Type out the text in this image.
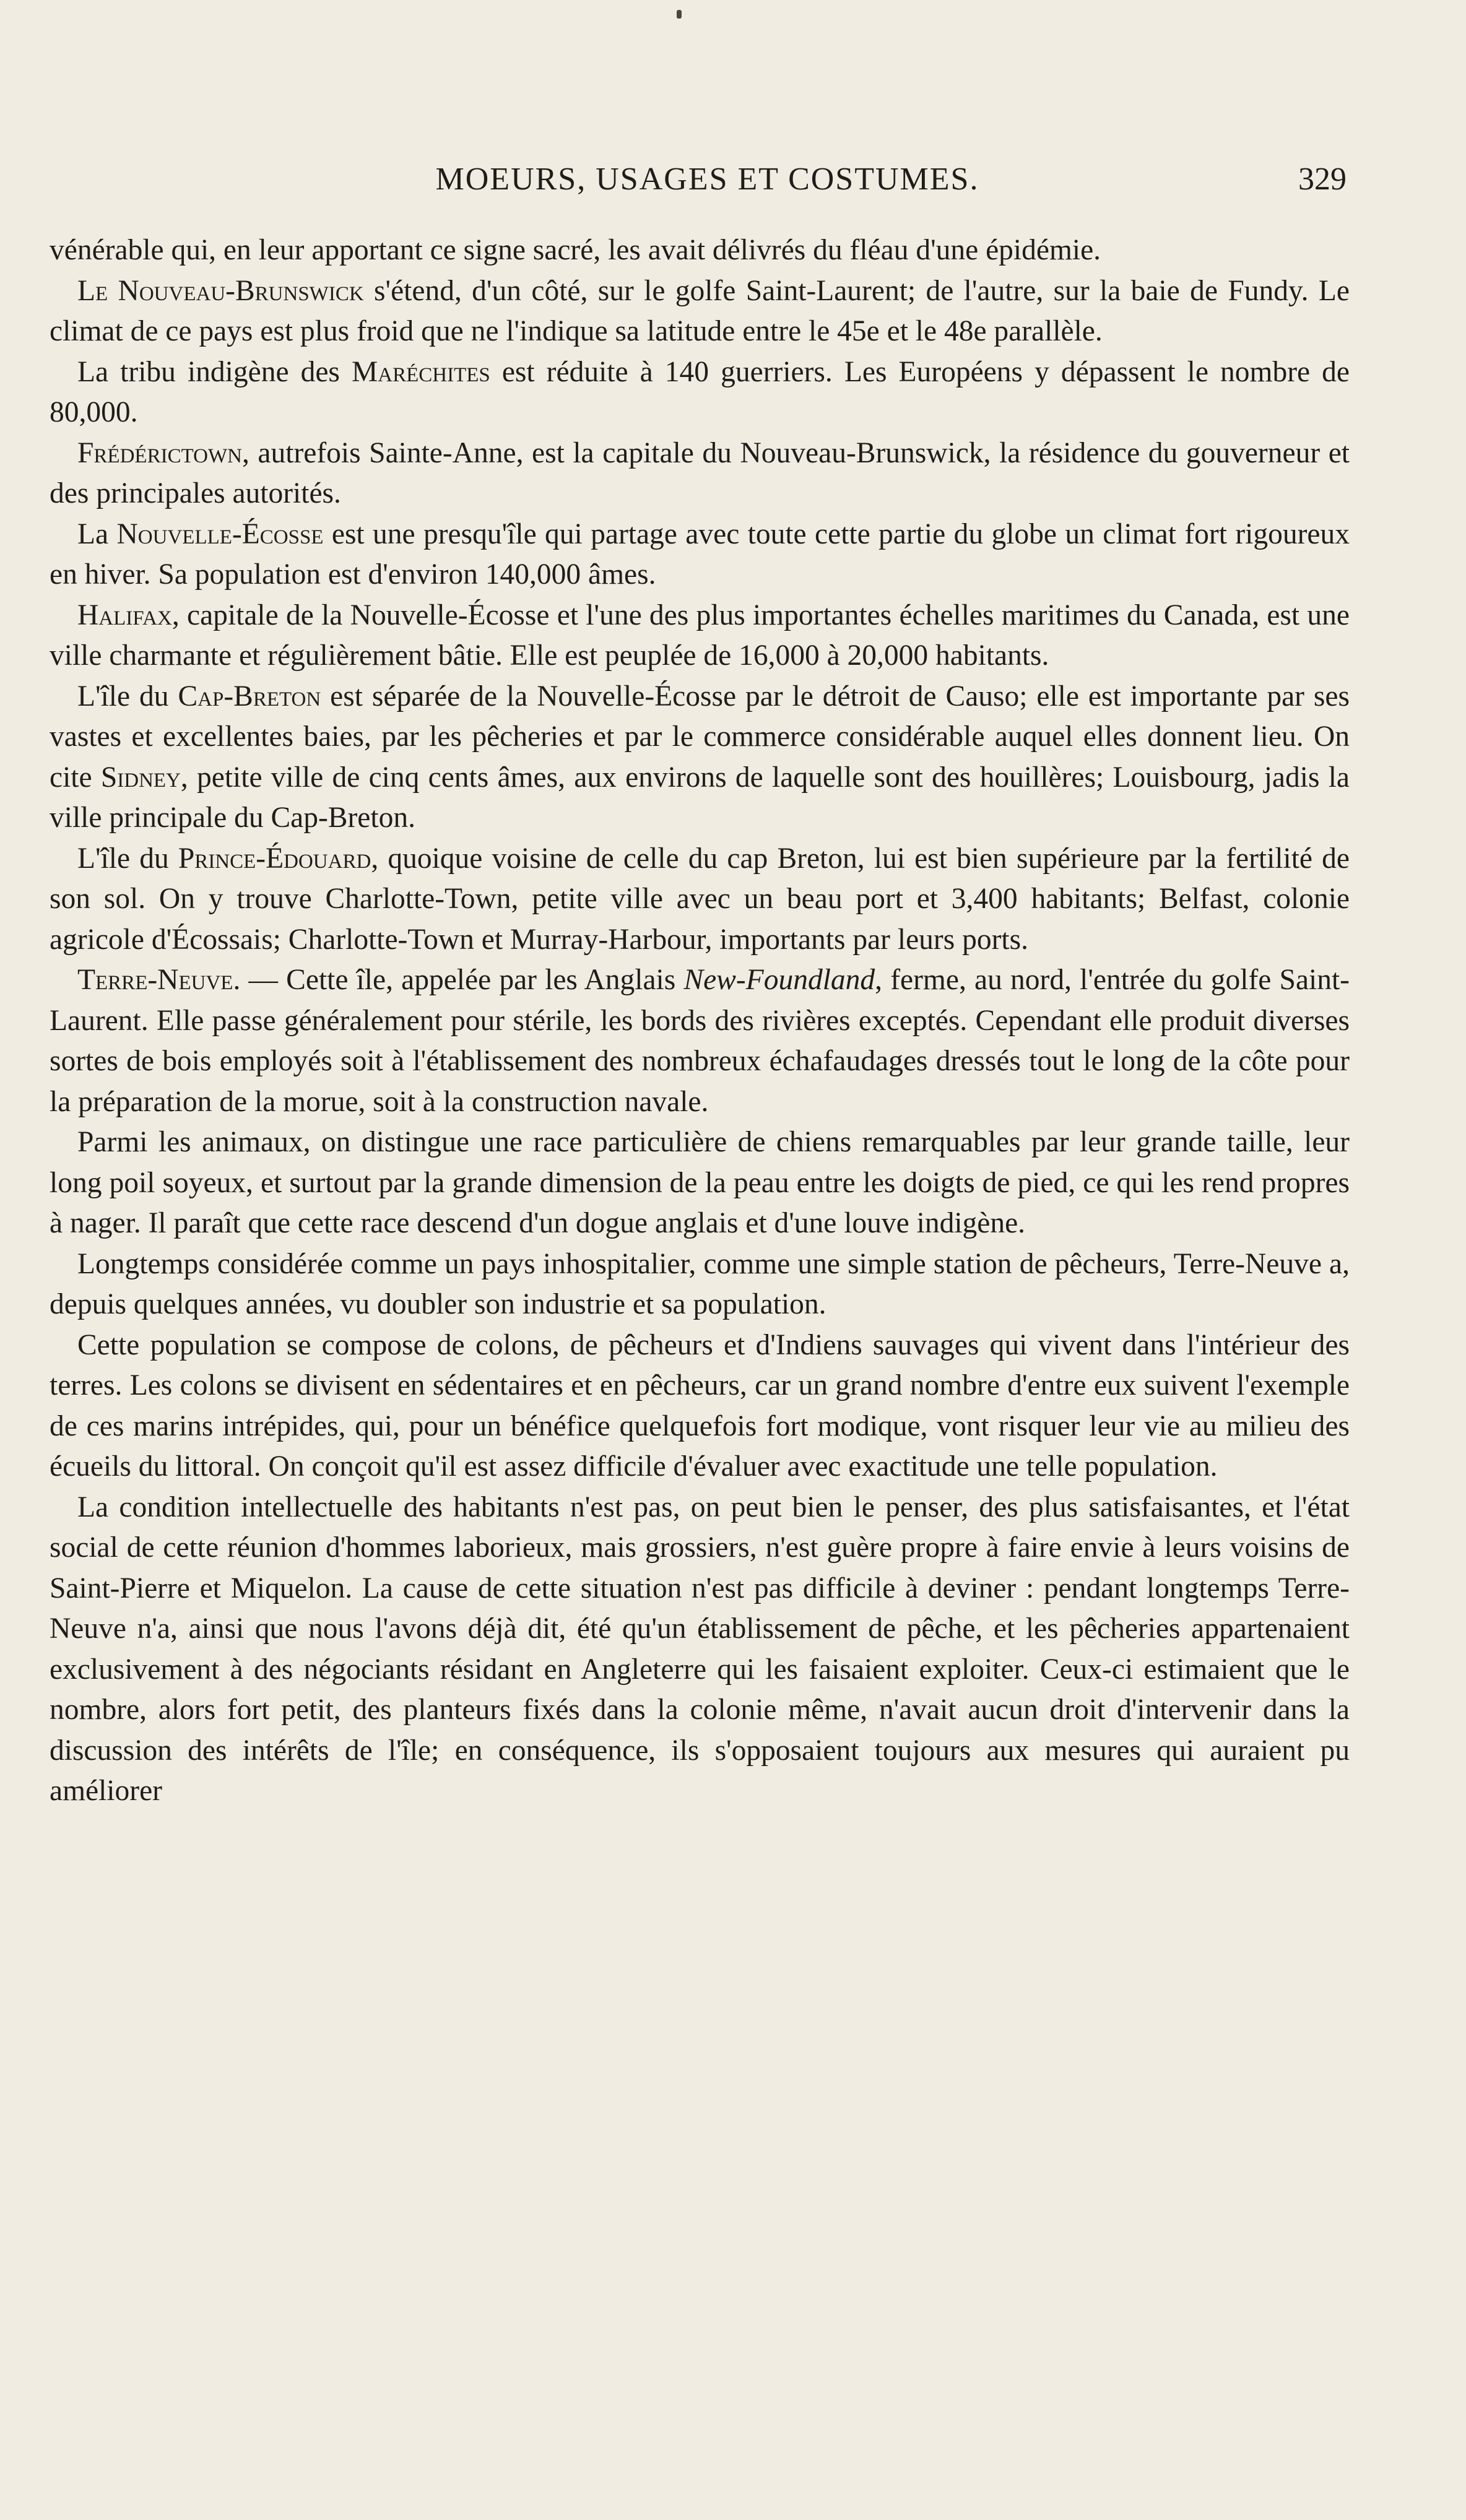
MOEURS, USAGES ET COSTUMES.	329

vénérable qui, en leur apportant ce signe sacré, les avait délivrés du fléau d'une épidémie.

Le Nouveau-Brunswick s'étend, d'un côté, sur le golfe Saint-Laurent; de l'autre, sur la baie de Fundy. Le climat de ce pays est plus froid que ne l'indique sa latitude entre le 45e et le 48e parallèle.

La tribu indigène des Maréchites est réduite à 140 guerriers. Les Européens y dépassent le nombre de 80,000.

Frédérictown, autrefois Sainte-Anne, est la capitale du Nouveau-Brunswick, la résidence du gouverneur et des principales autorités.

La Nouvelle-Écosse est une presqu'île qui partage avec toute cette partie du globe un climat fort rigoureux en hiver. Sa population est d'environ 140,000 âmes.

Halifax, capitale de la Nouvelle-Écosse et l'une des plus importantes échelles maritimes du Canada, est une ville charmante et régulièrement bâtie. Elle est peuplée de 16,000 à 20,000 habitants.

L'île du Cap-Breton est séparée de la Nouvelle-Écosse par le détroit de Causo; elle est importante par ses vastes et excellentes baies, par les pêcheries et par le commerce considérable auquel elles donnent lieu. On cite Sidney, petite ville de cinq cents âmes, aux environs de laquelle sont des houillères; Louisbourg, jadis la ville principale du Cap-Breton.

L'île du Prince-Édouard, quoique voisine de celle du cap Breton, lui est bien supérieure par la fertilité de son sol. On y trouve Charlotte-Town, petite ville avec un beau port et 3,400 habitants; Belfast, colonie agricole d'Écossais; Charlotte-Town et Murray-Harbour, importants par leurs ports.

Terre-Neuve. — Cette île, appelée par les Anglais New-Foundland, ferme, au nord, l'entrée du golfe Saint-Laurent. Elle passe généralement pour stérile, les bords des rivières exceptés. Cependant elle produit diverses sortes de bois employés soit à l'établissement des nombreux échafaudages dressés tout le long de la côte pour la préparation de la morue, soit à la construction navale.

Parmi les animaux, on distingue une race particulière de chiens remarquables par leur grande taille, leur long poil soyeux, et surtout par la grande dimension de la peau entre les doigts de pied, ce qui les rend propres à nager. Il paraît que cette race descend d'un dogue anglais et d'une louve indigène.

Longtemps considérée comme un pays inhospitalier, comme une simple station de pêcheurs, Terre-Neuve a, depuis quelques années, vu doubler son industrie et sa population.

Cette population se compose de colons, de pêcheurs et d'Indiens sauvages qui vivent dans l'intérieur des terres. Les colons se divisent en sédentaires et en pêcheurs, car un grand nombre d'entre eux suivent l'exemple de ces marins intrépides, qui, pour un bénéfice quelquefois fort modique, vont risquer leur vie au milieu des écueils du littoral. On conçoit qu'il est assez difficile d'évaluer avec exactitude une telle population.

La condition intellectuelle des habitants n'est pas, on peut bien le penser, des plus satisfaisantes, et l'état social de cette réunion d'hommes laborieux, mais grossiers, n'est guère propre à faire envie à leurs voisins de Saint-Pierre et Miquelon. La cause de cette situation n'est pas difficile à deviner : pendant longtemps Terre-Neuve n'a, ainsi que nous l'avons déjà dit, été qu'un établissement de pêche, et les pêcheries appartenaient exclusivement à des négociants résidant en Angleterre qui les faisaient exploiter. Ceux-ci estimaient que le nombre, alors fort petit, des planteurs fixés dans la colonie même, n'avait aucun droit d'intervenir dans la discussion des intérêts de l'île; en conséquence, ils s'opposaient toujours aux mesures qui auraient pu améliorer
